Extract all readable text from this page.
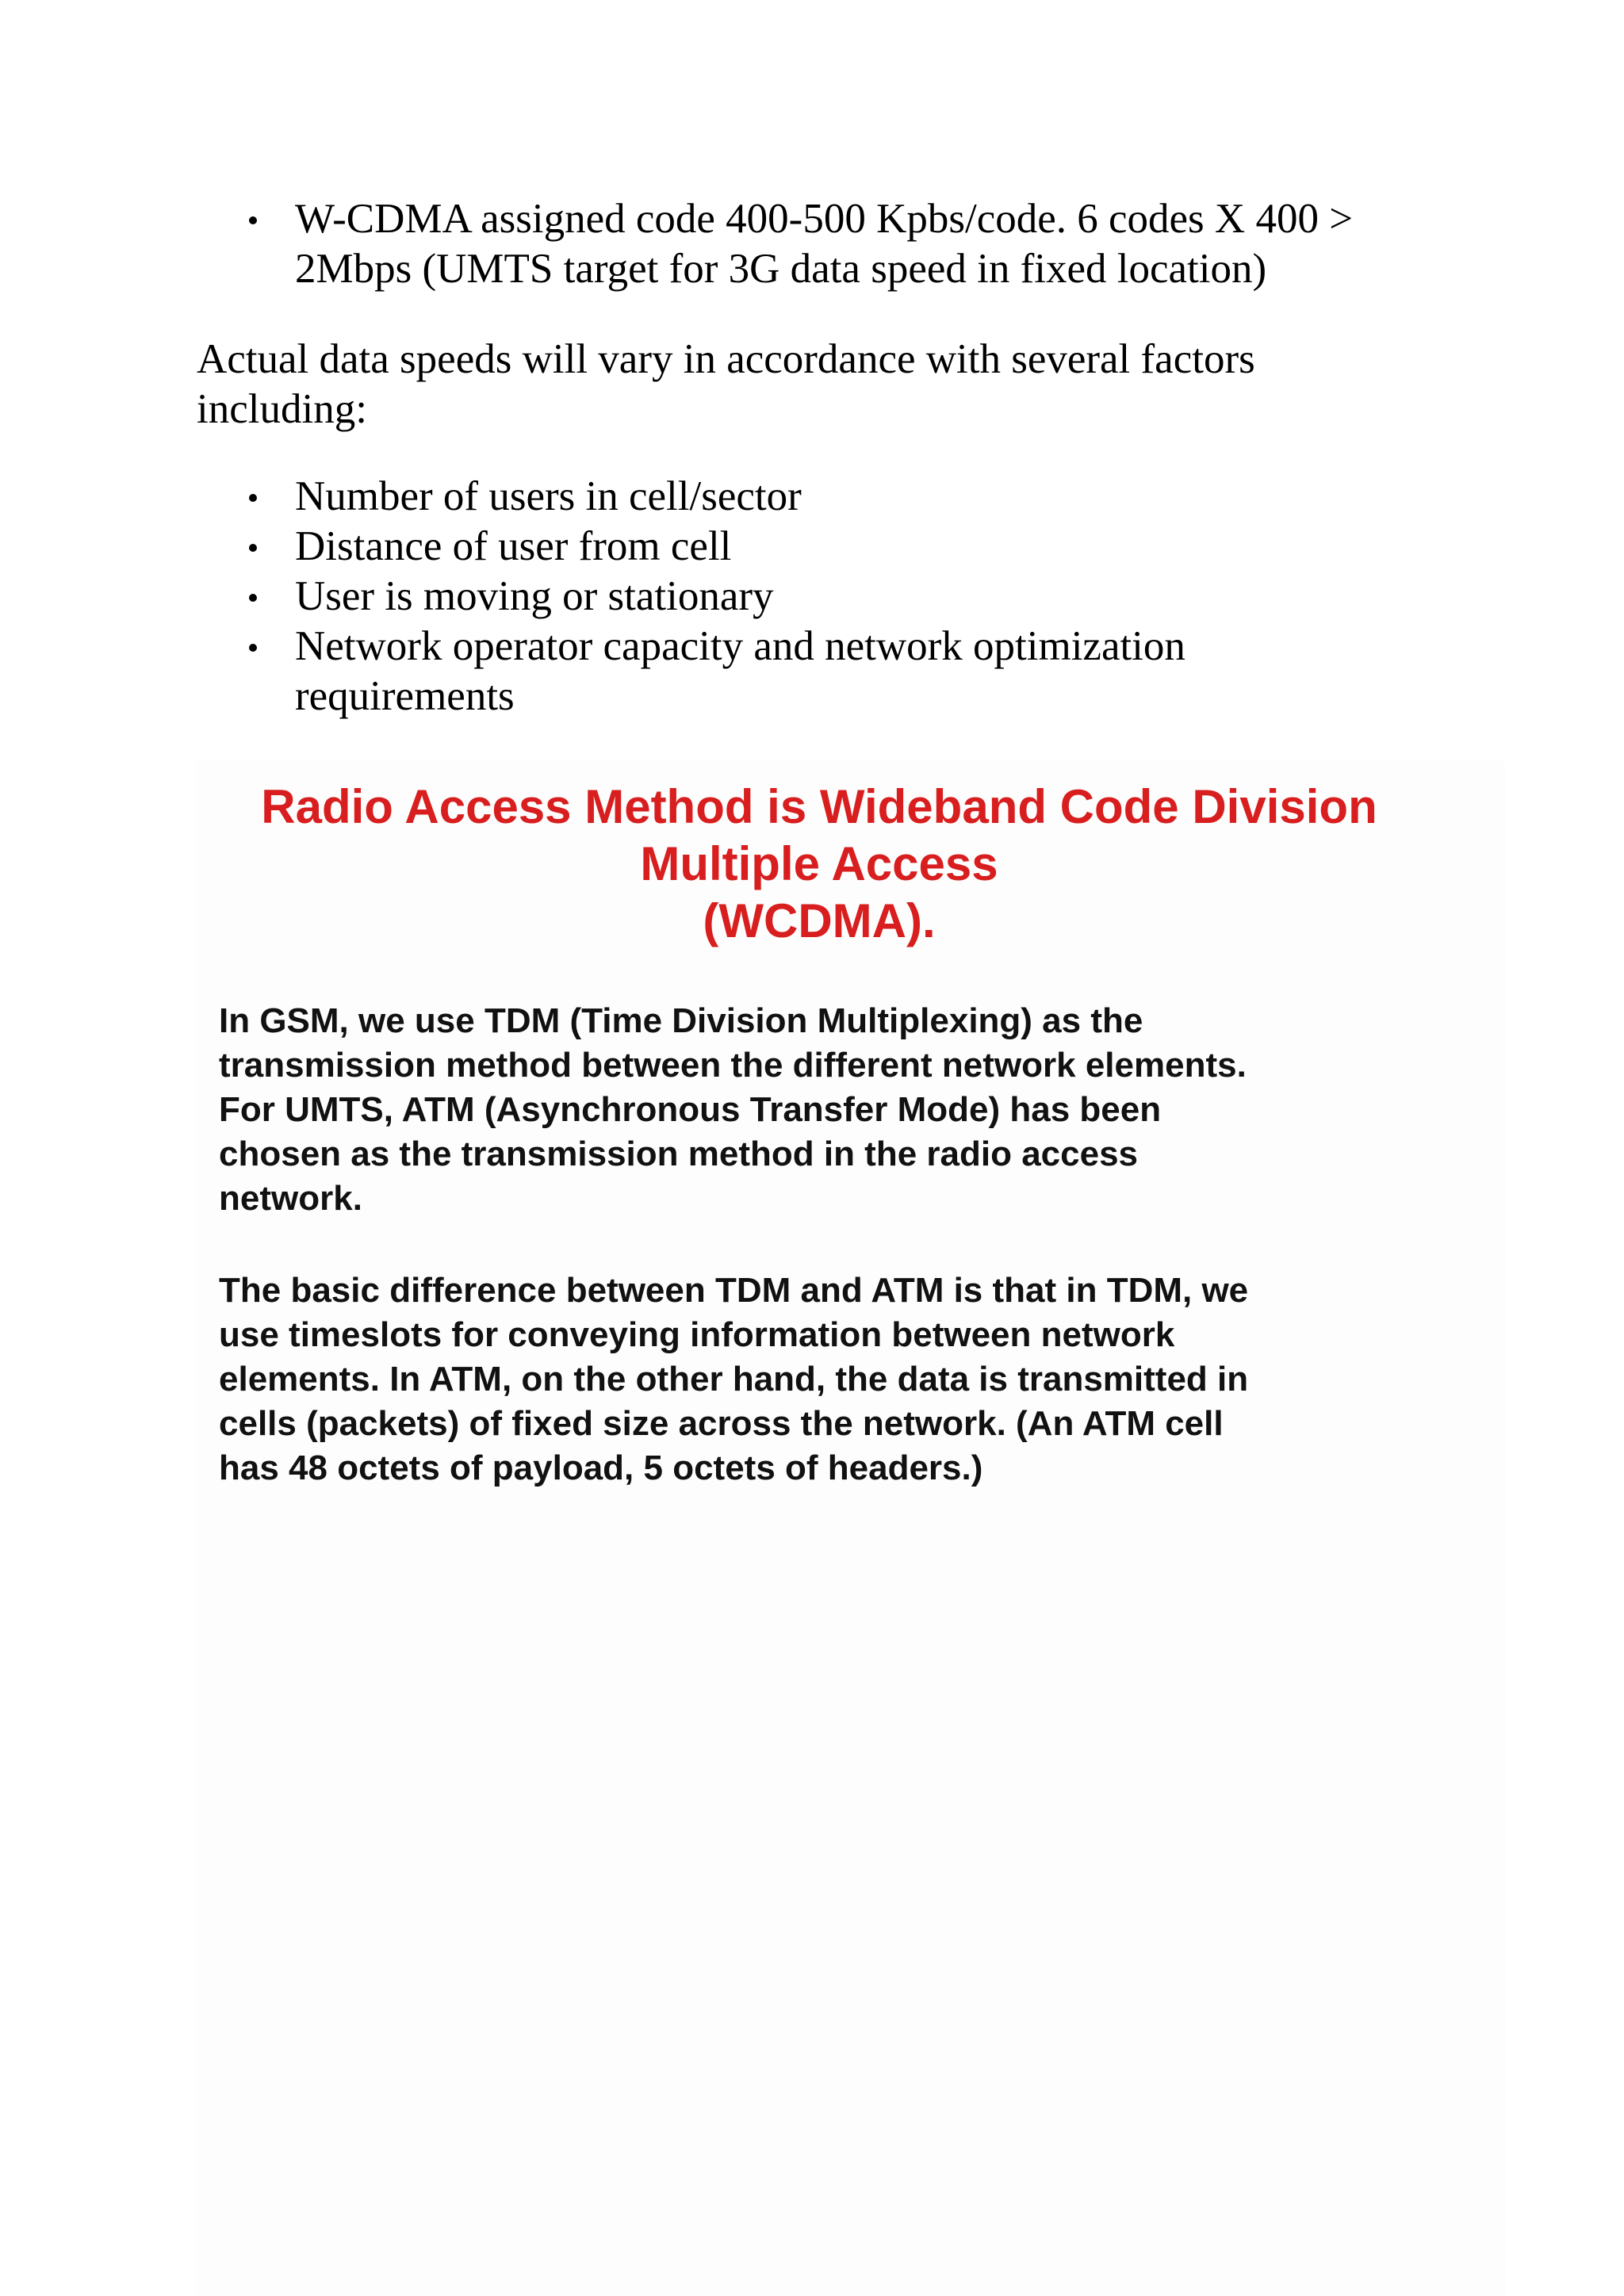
W-CDMA assigned code 400-500 Kpbs/code. 6 codes X 400 >
2Mbps (UMTS target for 3G data speed in fixed location)

Actual data speeds will vary in accordance with several factors
including:

Number of users in cell/sector
Distance of user from cell
User is moving or stationary
Network operator capacity and network optimization
requirements
Radio Access Method is Wideband Code Division
Multiple Access
(WCDMA).

In GSM, we use TDM (Time Division Multiplexing) as the
transmission method between the different network elements.
For UMTS, ATM (Asynchronous Transfer Mode) has been
chosen as the transmission method in the radio access
network.

The basic difference between TDM and ATM is that in TDM, we
use timeslots for conveying information between network
elements. In ATM, on the other hand, the data is transmitted in
cells (packets) of fixed size across the network. (An ATM cell
has 48 octets of payload, 5 octets of headers.)
